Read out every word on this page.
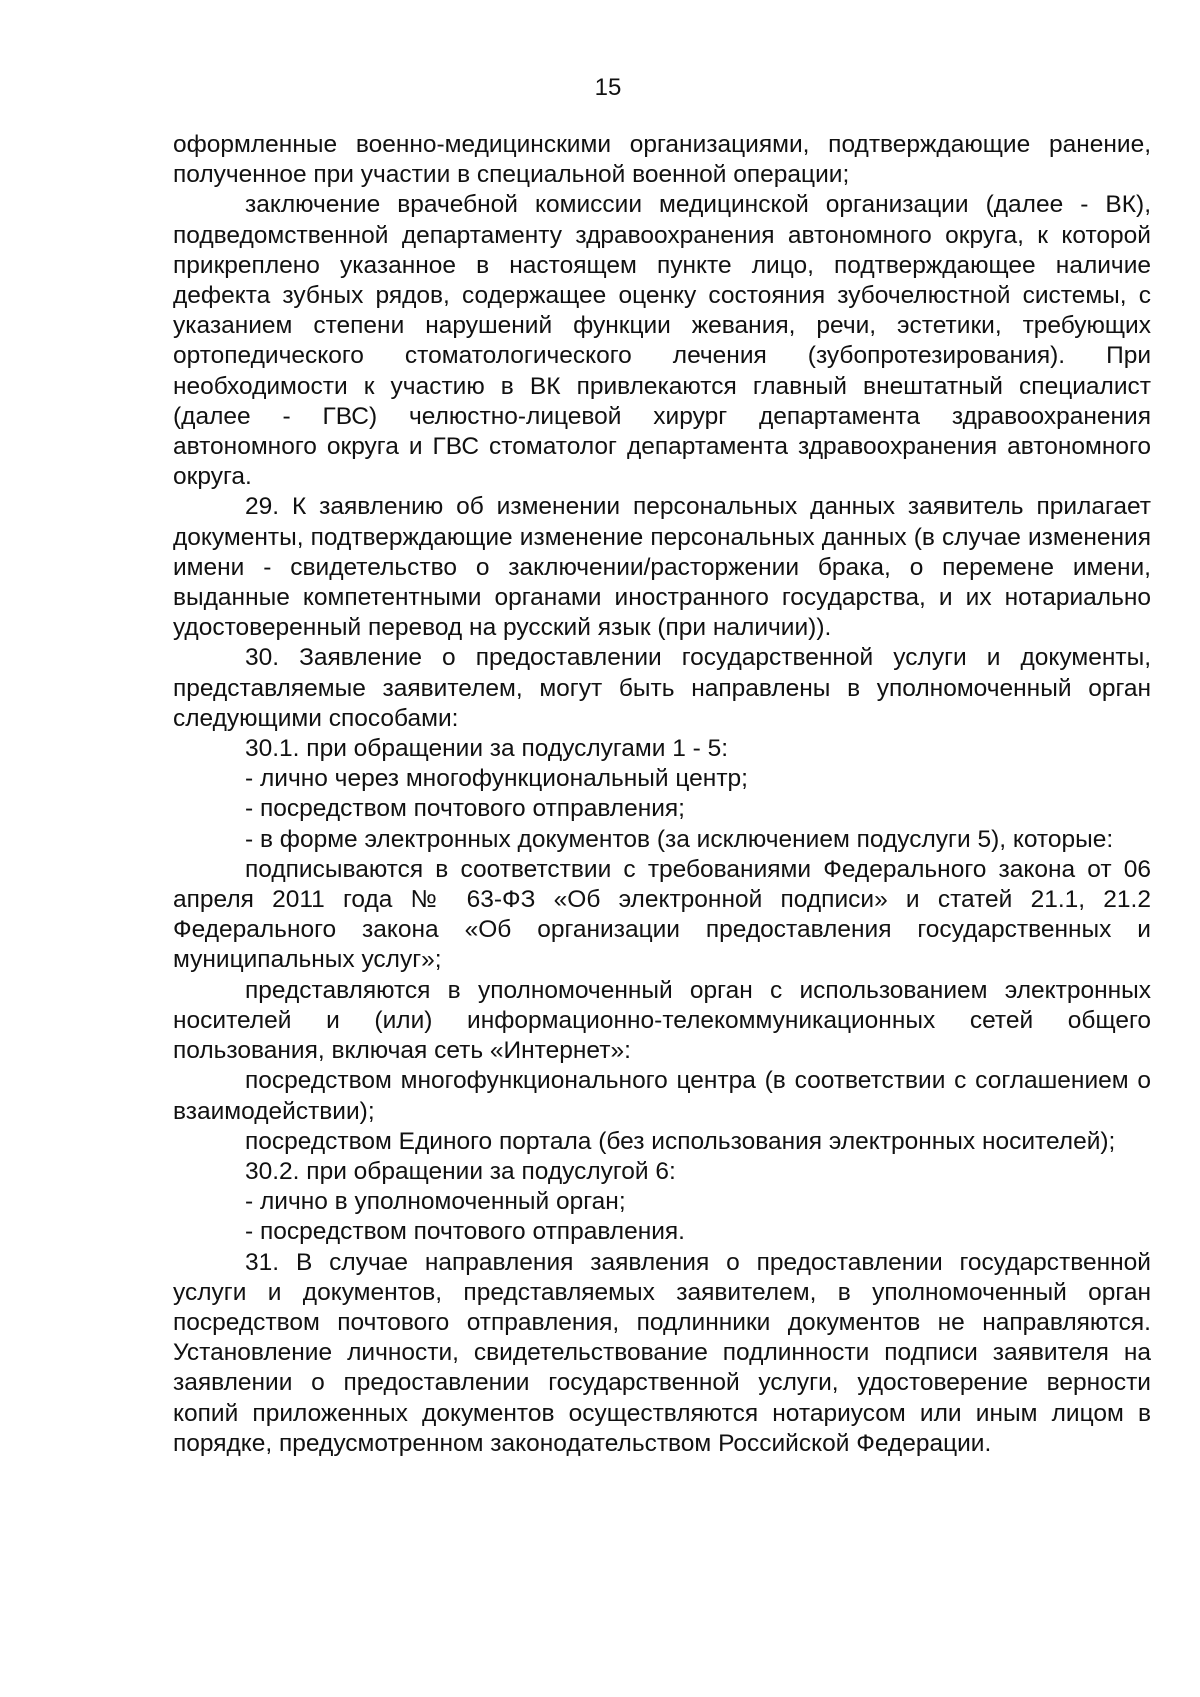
15

оформленные военно-медицинскими организациями, подтверждающие ранение, полученное при участии в специальной военной операции;

заключение врачебной комиссии медицинской организации (далее - ВК), подведомственной департаменту здравоохранения автономного округа, к которой прикреплено указанное в настоящем пункте лицо, подтверждающее наличие дефекта зубных рядов, содержащее оценку состояния зубочелюстной системы, с указанием степени нарушений функции жевания, речи, эстетики, требующих ортопедического стоматологического лечения (зубопротезирования). При необходимости к участию в ВК привлекаются главный внештатный специалист (далее - ГВС) челюстно-лицевой хирург департамента здравоохранения автономного округа и ГВС стоматолог департамента здравоохранения автономного округа.

29. К заявлению об изменении персональных данных заявитель прилагает документы, подтверждающие изменение персональных данных (в случае изменения имени - свидетельство о заключении/расторжении брака, о перемене имени, выданные компетентными органами иностранного государства, и их нотариально удостоверенный перевод на русский язык (при наличии)).

30. Заявление о предоставлении государственной услуги и документы, представляемые заявителем, могут быть направлены в уполномоченный орган следующими способами:

30.1. при обращении за подуслугами 1 - 5:

- лично через многофункциональный центр;

- посредством почтового отправления;

- в форме электронных документов (за исключением подуслуги 5), которые:

подписываются в соответствии с требованиями Федерального закона от 06 апреля 2011 года № 63-ФЗ «Об электронной подписи» и статей 21.1, 21.2 Федерального закона «Об организации предоставления государственных и муниципальных услуг»;

представляются в уполномоченный орган с использованием электронных носителей и (или) информационно-телекоммуникационных сетей общего пользования, включая сеть «Интернет»:

посредством многофункционального центра (в соответствии с соглашением о взаимодействии);

посредством Единого портала (без использования электронных носителей);

30.2. при обращении за подуслугой 6:

- лично в уполномоченный орган;

- посредством почтового отправления.

31. В случае направления заявления о предоставлении государственной услуги и документов, представляемых заявителем, в уполномоченный орган посредством почтового отправления, подлинники документов не направляются. Установление личности, свидетельствование подлинности подписи заявителя на заявлении о предоставлении государственной услуги, удостоверение верности копий приложенных документов осуществляются нотариусом или иным лицом в порядке, предусмотренном законодательством Российской Федерации.
